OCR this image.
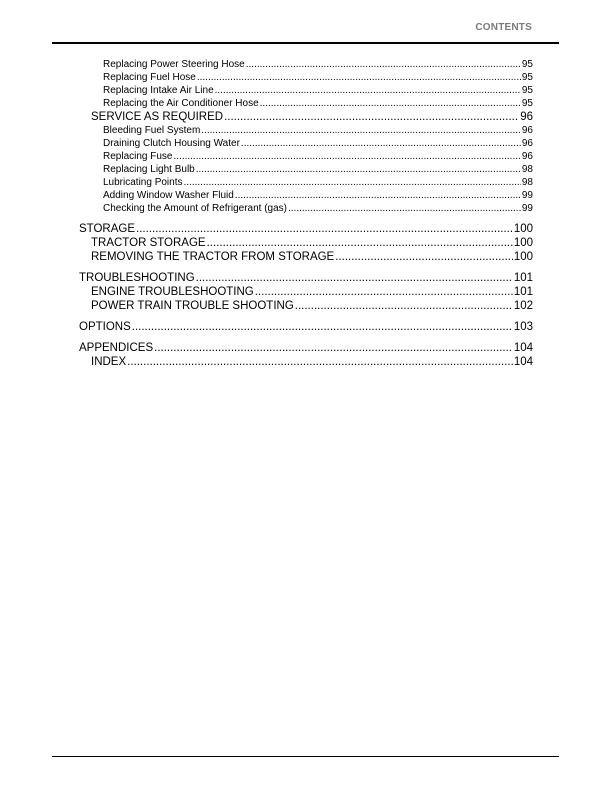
CONTENTS
Replacing Power Steering Hose .....	95
Replacing Fuel Hose .....	95
Replacing Intake Air Line .....	95
Replacing the Air Conditioner Hose .....	95
SERVICE AS REQUIRED .....	96
Bleeding Fuel System .....	96
Draining Clutch Housing Water .....	96
Replacing Fuse .....	96
Replacing Light Bulb .....	98
Lubricating Points .....	98
Adding Window Washer Fluid .....	99
Checking the Amount of Refrigerant (gas) .....	99
STORAGE .....	100
TRACTOR STORAGE .....	100
REMOVING THE TRACTOR FROM STORAGE .....	100
TROUBLESHOOTING .....	101
ENGINE TROUBLESHOOTING .....	101
POWER TRAIN TROUBLE SHOOTING .....	102
OPTIONS .....	103
APPENDICES .....	104
INDEX .....	104
